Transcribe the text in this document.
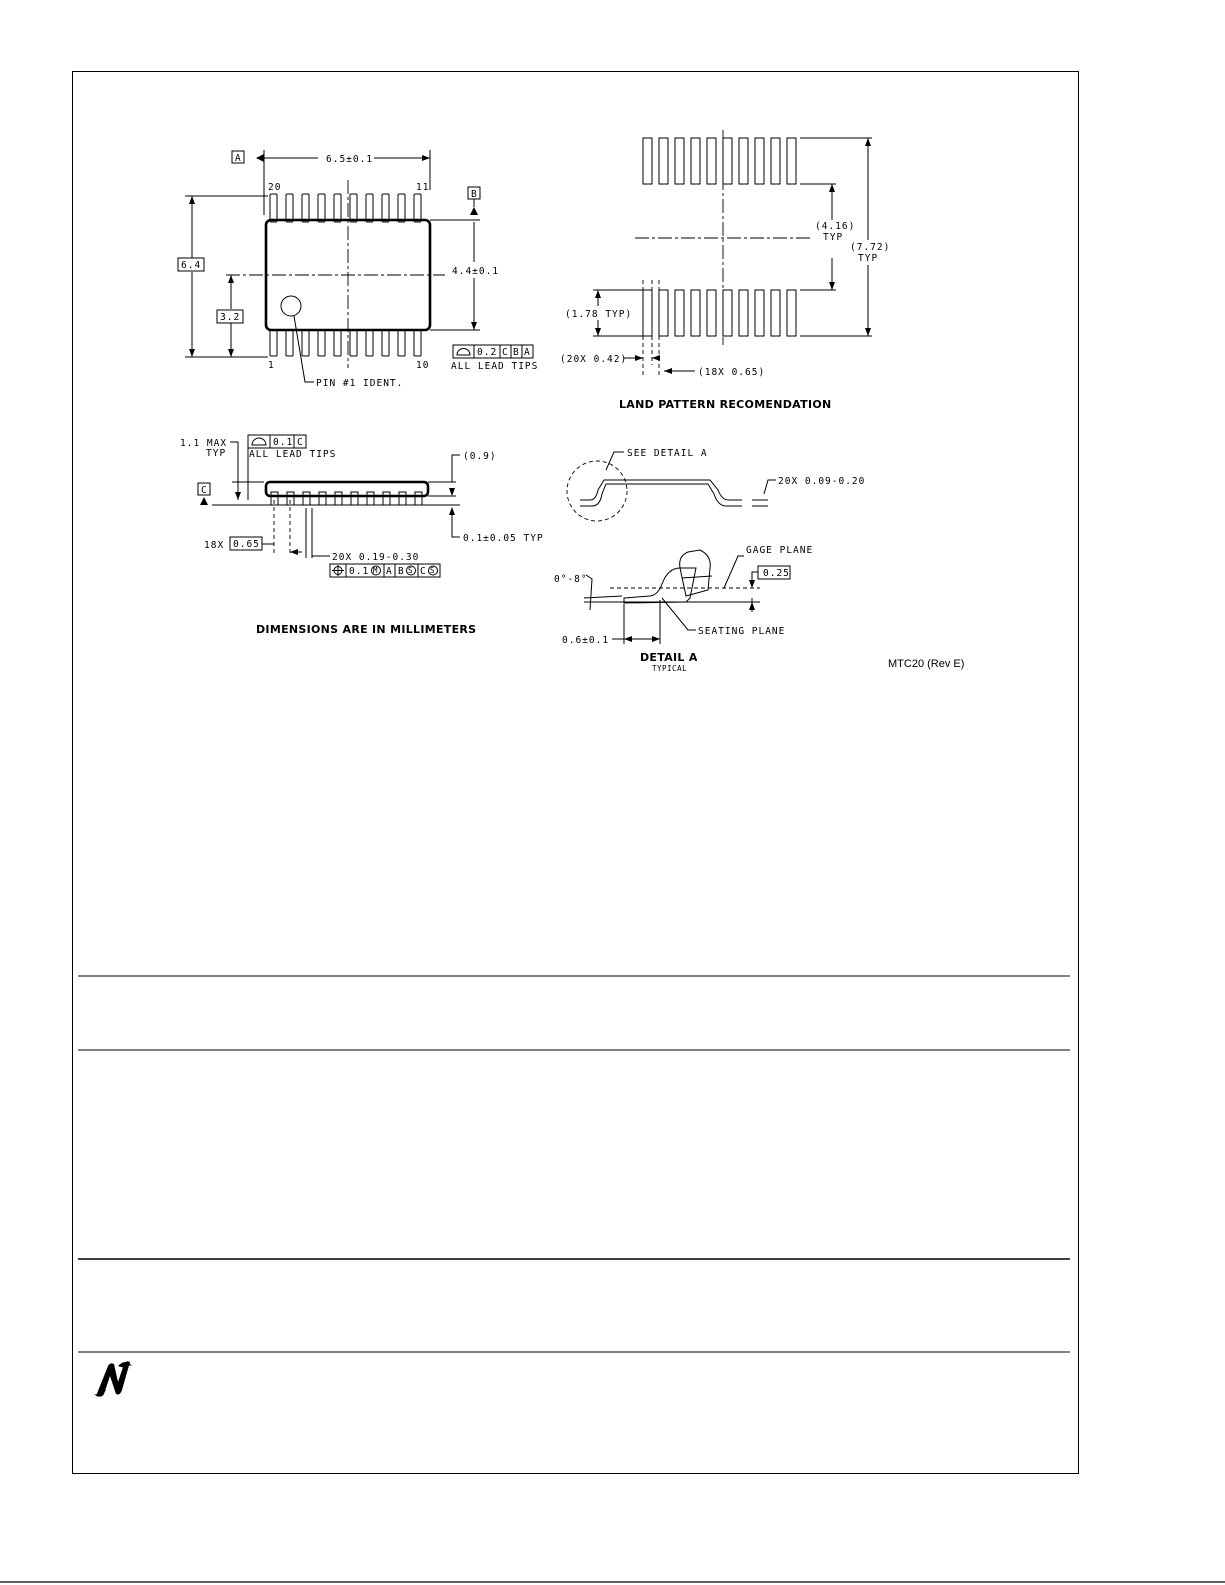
A	6.5±0.1
20	11
B
6.4
3.2
4.4±0.1
1	10
0.2 C B A
ALL LEAD TIPS
PIN #1 IDENT.
(4.16)
TYP
(7.72)
TYP
(1.78 TYP)
(20X 0.42)
(18X 0.65)
LAND PATTERN RECOMENDATION
1.1 MAX
TYP
0.1 C
ALL LEAD TIPS
C
(0.9)
0.1±0.05 TYP
18X 0.65
20X 0.19-0.30
0.1 M A B S C S
SEE DETAIL A
20X 0.09-0.20
GAGE PLANE
0.25
0°-8°
SEATING PLANE
0.6±0.1
DETAIL A
TYPICAL
DIMENSIONS ARE IN MILLIMETERS
MTC20 (Rev E)
